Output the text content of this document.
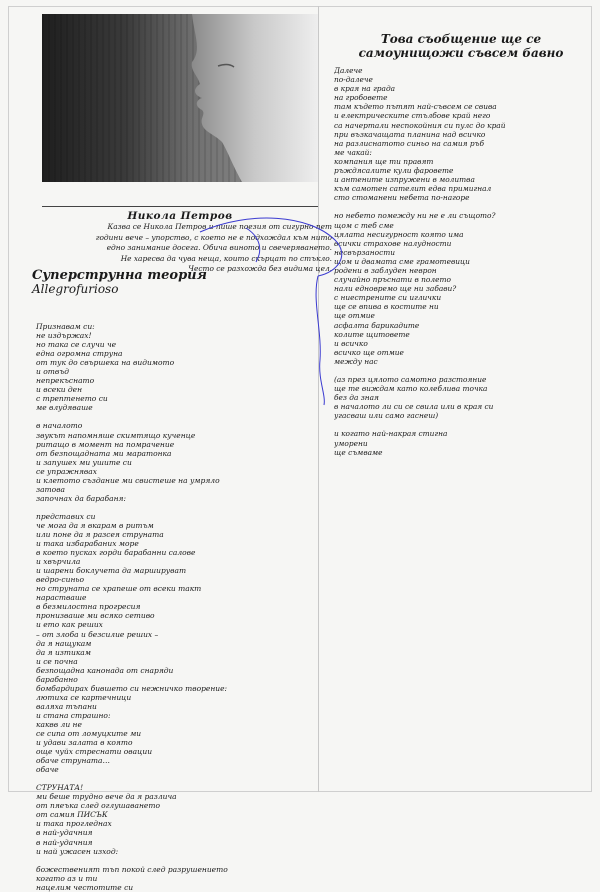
Никола Петров
Казва се Никола Петров и пише поезия от сигурно пет
години вече – упорство, с което не е подхождал към нито
едно занимание досега. Обича виното и свечеряването.
Не харесва да чува неща, които скърцат по стъкло.
Често се разхожда без видима цел.
Суперструнна теория
Allegrofurioso
Признавам си:
не издържах!
но така се случи че
една огромна струна
от тук до свършека на видимото
и отвъд
непрекъснато
и всеки ден
с трептенето си
ме влудяваше
в началото
звукът напомняше скимтящо кученце
ритащо в момент на помрачение
от безпощадната ми маратонка
и запушех ми ушите си
се упражнявах
и клетото създание ми свистеше на умряло
затова
започнах да барабаня:
представих си
че мога да я вкарам в ритъм
или поне да я разсея струната
и така избарабаних море
в което пусках горди барабанни салове
и хвърчила
и шарени боклучета да маршируват
ведро-синьо
но струната се храпеше от всеки такт
нарастваше
в безмилостна прогресия
пронизваше ми всяко сетиво
и ето как реших
– от злоба и безсилие реших –
да я нащукам
да я изтикам
и се почна
безпощадна канонада от снаряди
барабанно
бомбардирах бившето си нежничко творение:
лютиха се картечници
валяха тъпани
и стана страшно:
каквв ли не
се сипа от ломуцките ми
и удави залата в която
още чуйх стреснати овации
обаче струната…
обаче
СТРУНАТА!
ми беше трудно вече да я различа
от пяеъка след оглушаването
от самия ПИСЪК
и така прогледнах
в най-удачния
в най-удачния
и най ужасен изход:
божественият тъп покой след разрушението
когато аз и ти
нацелим честотите си
Това съобщение ще се самоунищожи съвсем бавно
Далече
по-далече
в края на града
на гробовете
там където пътят най-съвсем се свива
и електрическите стълбове край него
са начертали неспокойния си пулс до край
при възкачащата планина над всичко
на разлиснатото синьо на самия ръб
ме чакай:
компания ще ти правят
ръждясалите кули фаровете
и антените изпружени в молитва
към самотен сателит едва примигнал
сто стоманени небета по-нагоре
но небето помежду ни не е ли същото?
щом с теб сме
цялата несигурност която има
всички страхове налудности
несвързаности
щом и двамата сме грамотевици
родени в заблуден неврон
случайно пръснати в полето
нали едновремо ще ни забави?
с ниестрените си иглички
ще се впива в костите ни
ще отмие
асфалта барикадите
колите щитовете
и всичко
всичко ще отмие
между нас
(аз през цялото самотно разстояние
ще те виждам като колеблива точка
без да зная
в началото ли си се свила или в края си
угасваш или само гаснеш)
и когато най-накрая стигна
уморени
ще съмваме
